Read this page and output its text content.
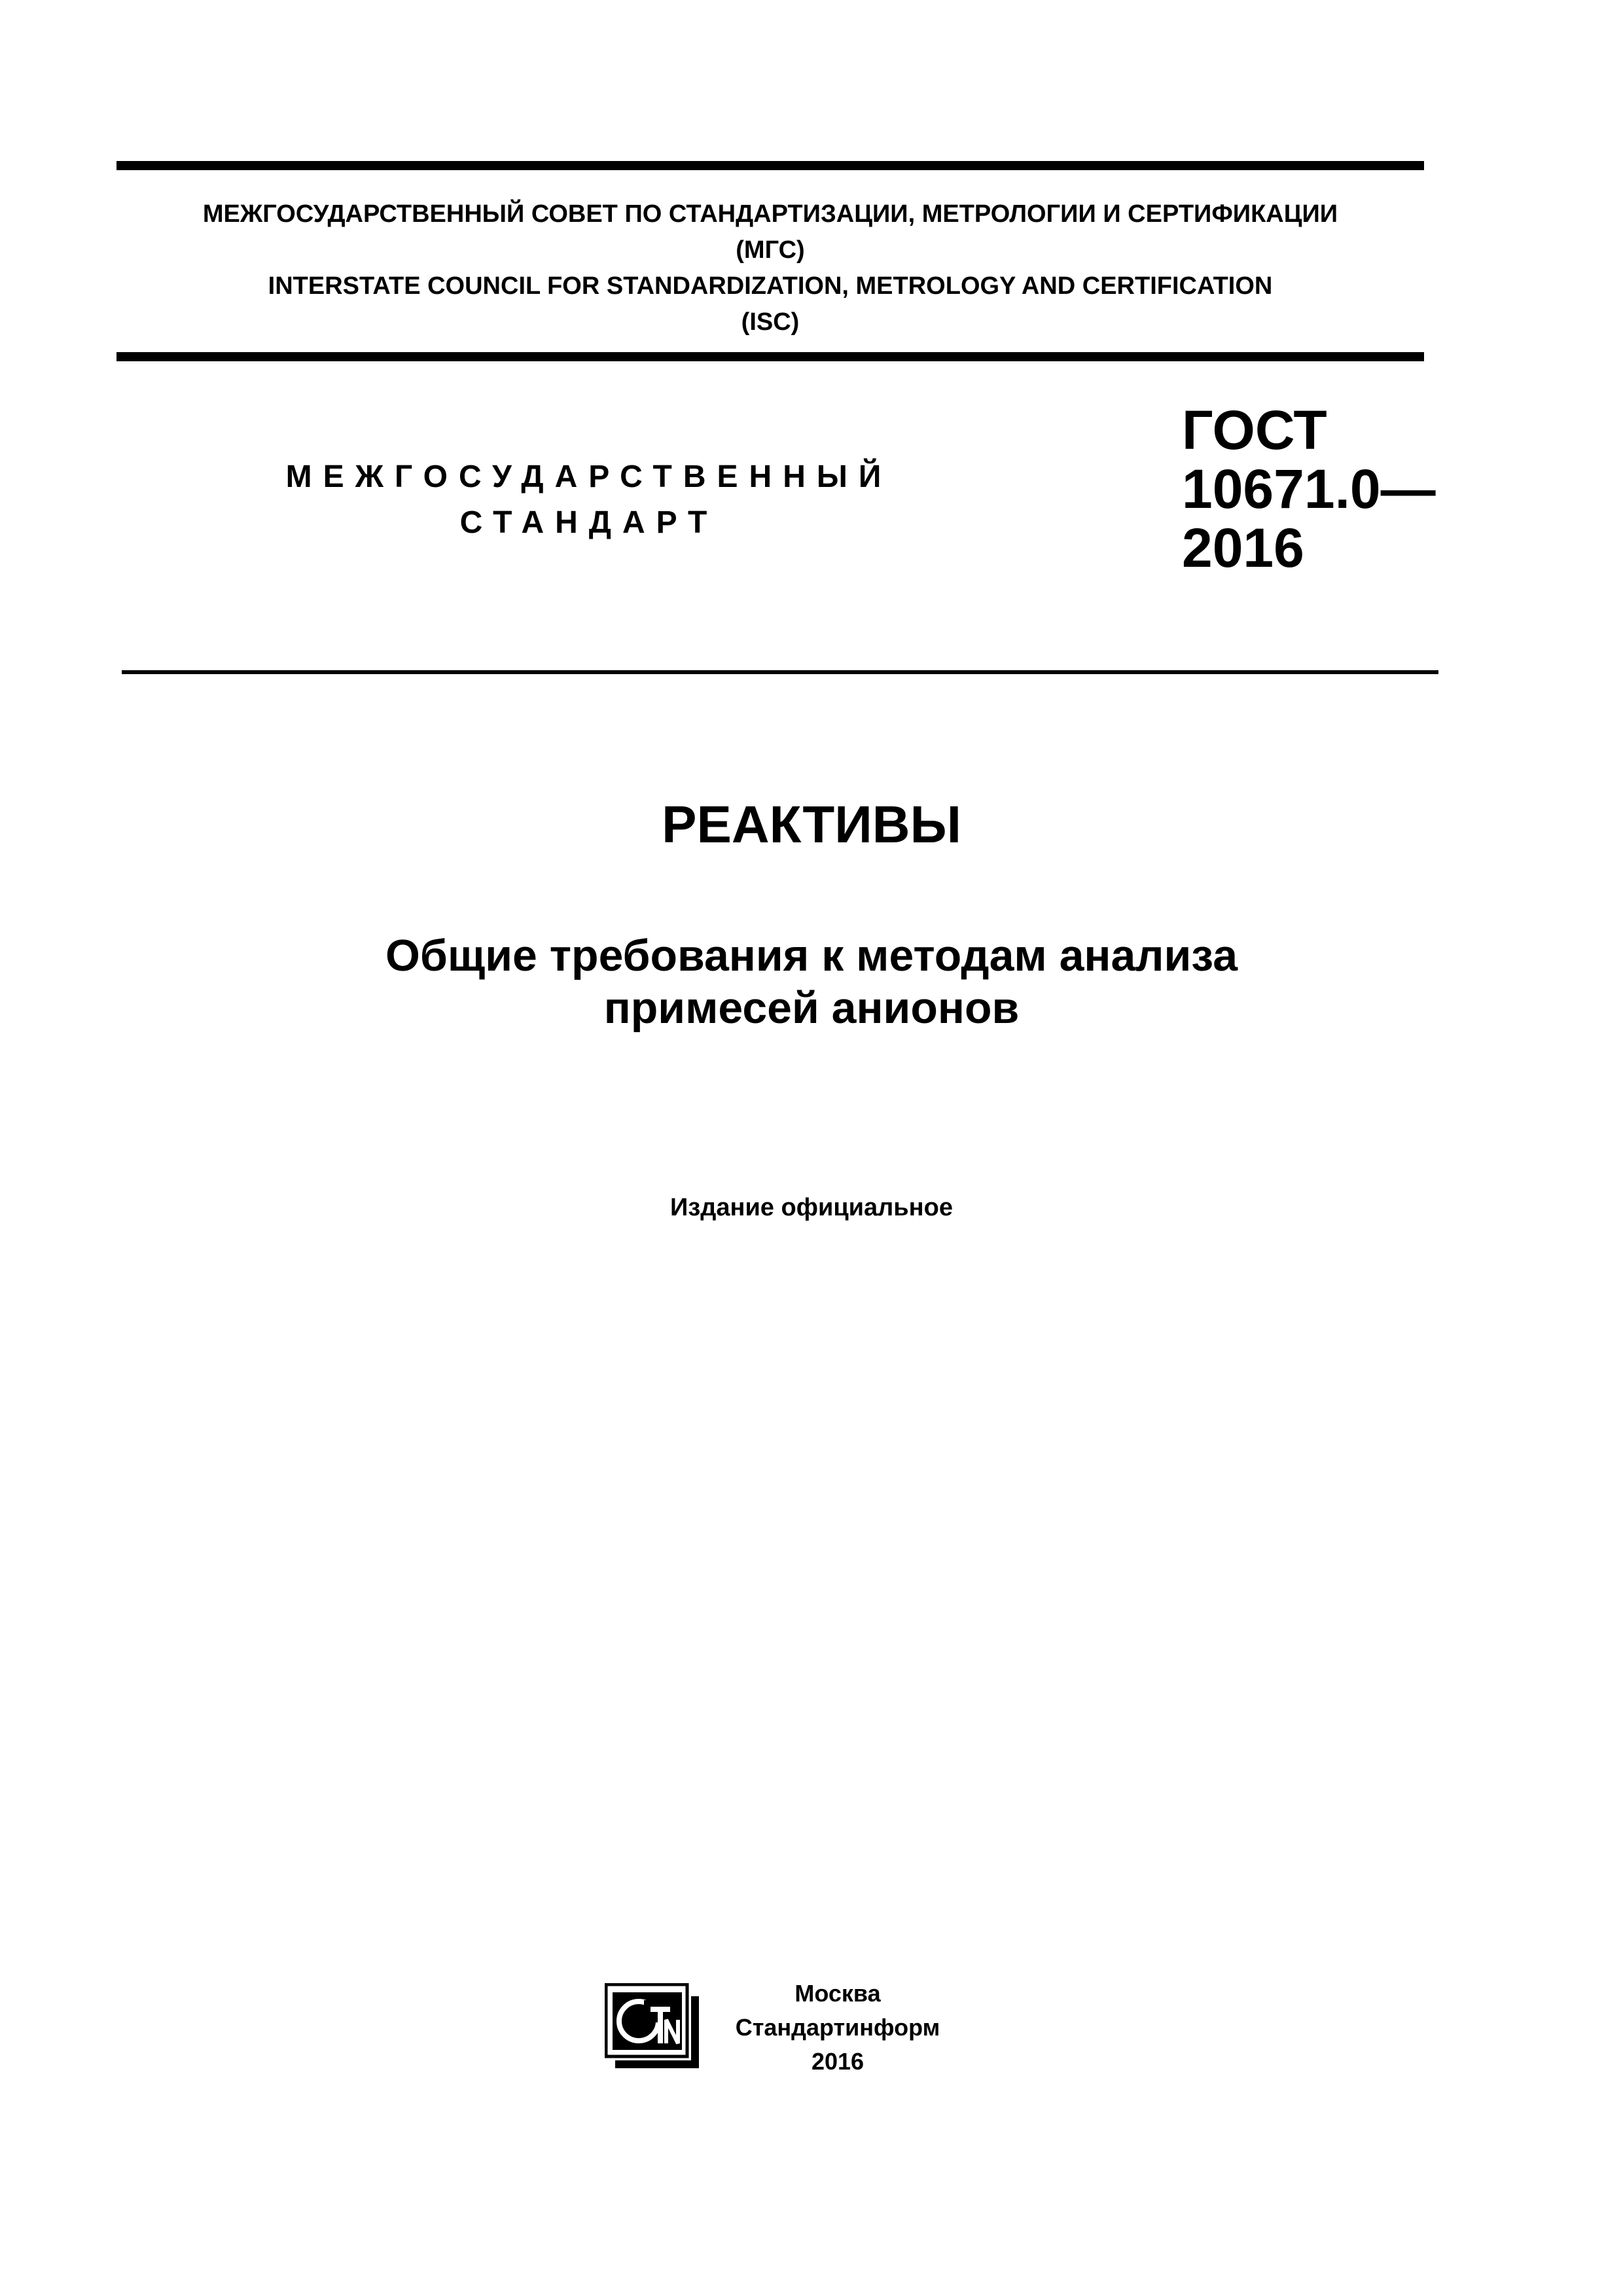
МЕЖГОСУДАРСТВЕННЫЙ СОВЕТ ПО СТАНДАРТИЗАЦИИ, МЕТРОЛОГИИ И СЕРТИФИКАЦИИ
(МГС)
INTERSTATE COUNCIL FOR STANDARDIZATION, METROLOGY AND CERTIFICATION
(ISC)
МЕЖГОСУДАРСТВЕННЫЙ
СТАНДАРТ
ГОСТ
10671.0—
2016
РЕАКТИВЫ
Общие требования к методам анализа
примесей анионов
Издание официальное
Москва
Стандартинформ
2016
